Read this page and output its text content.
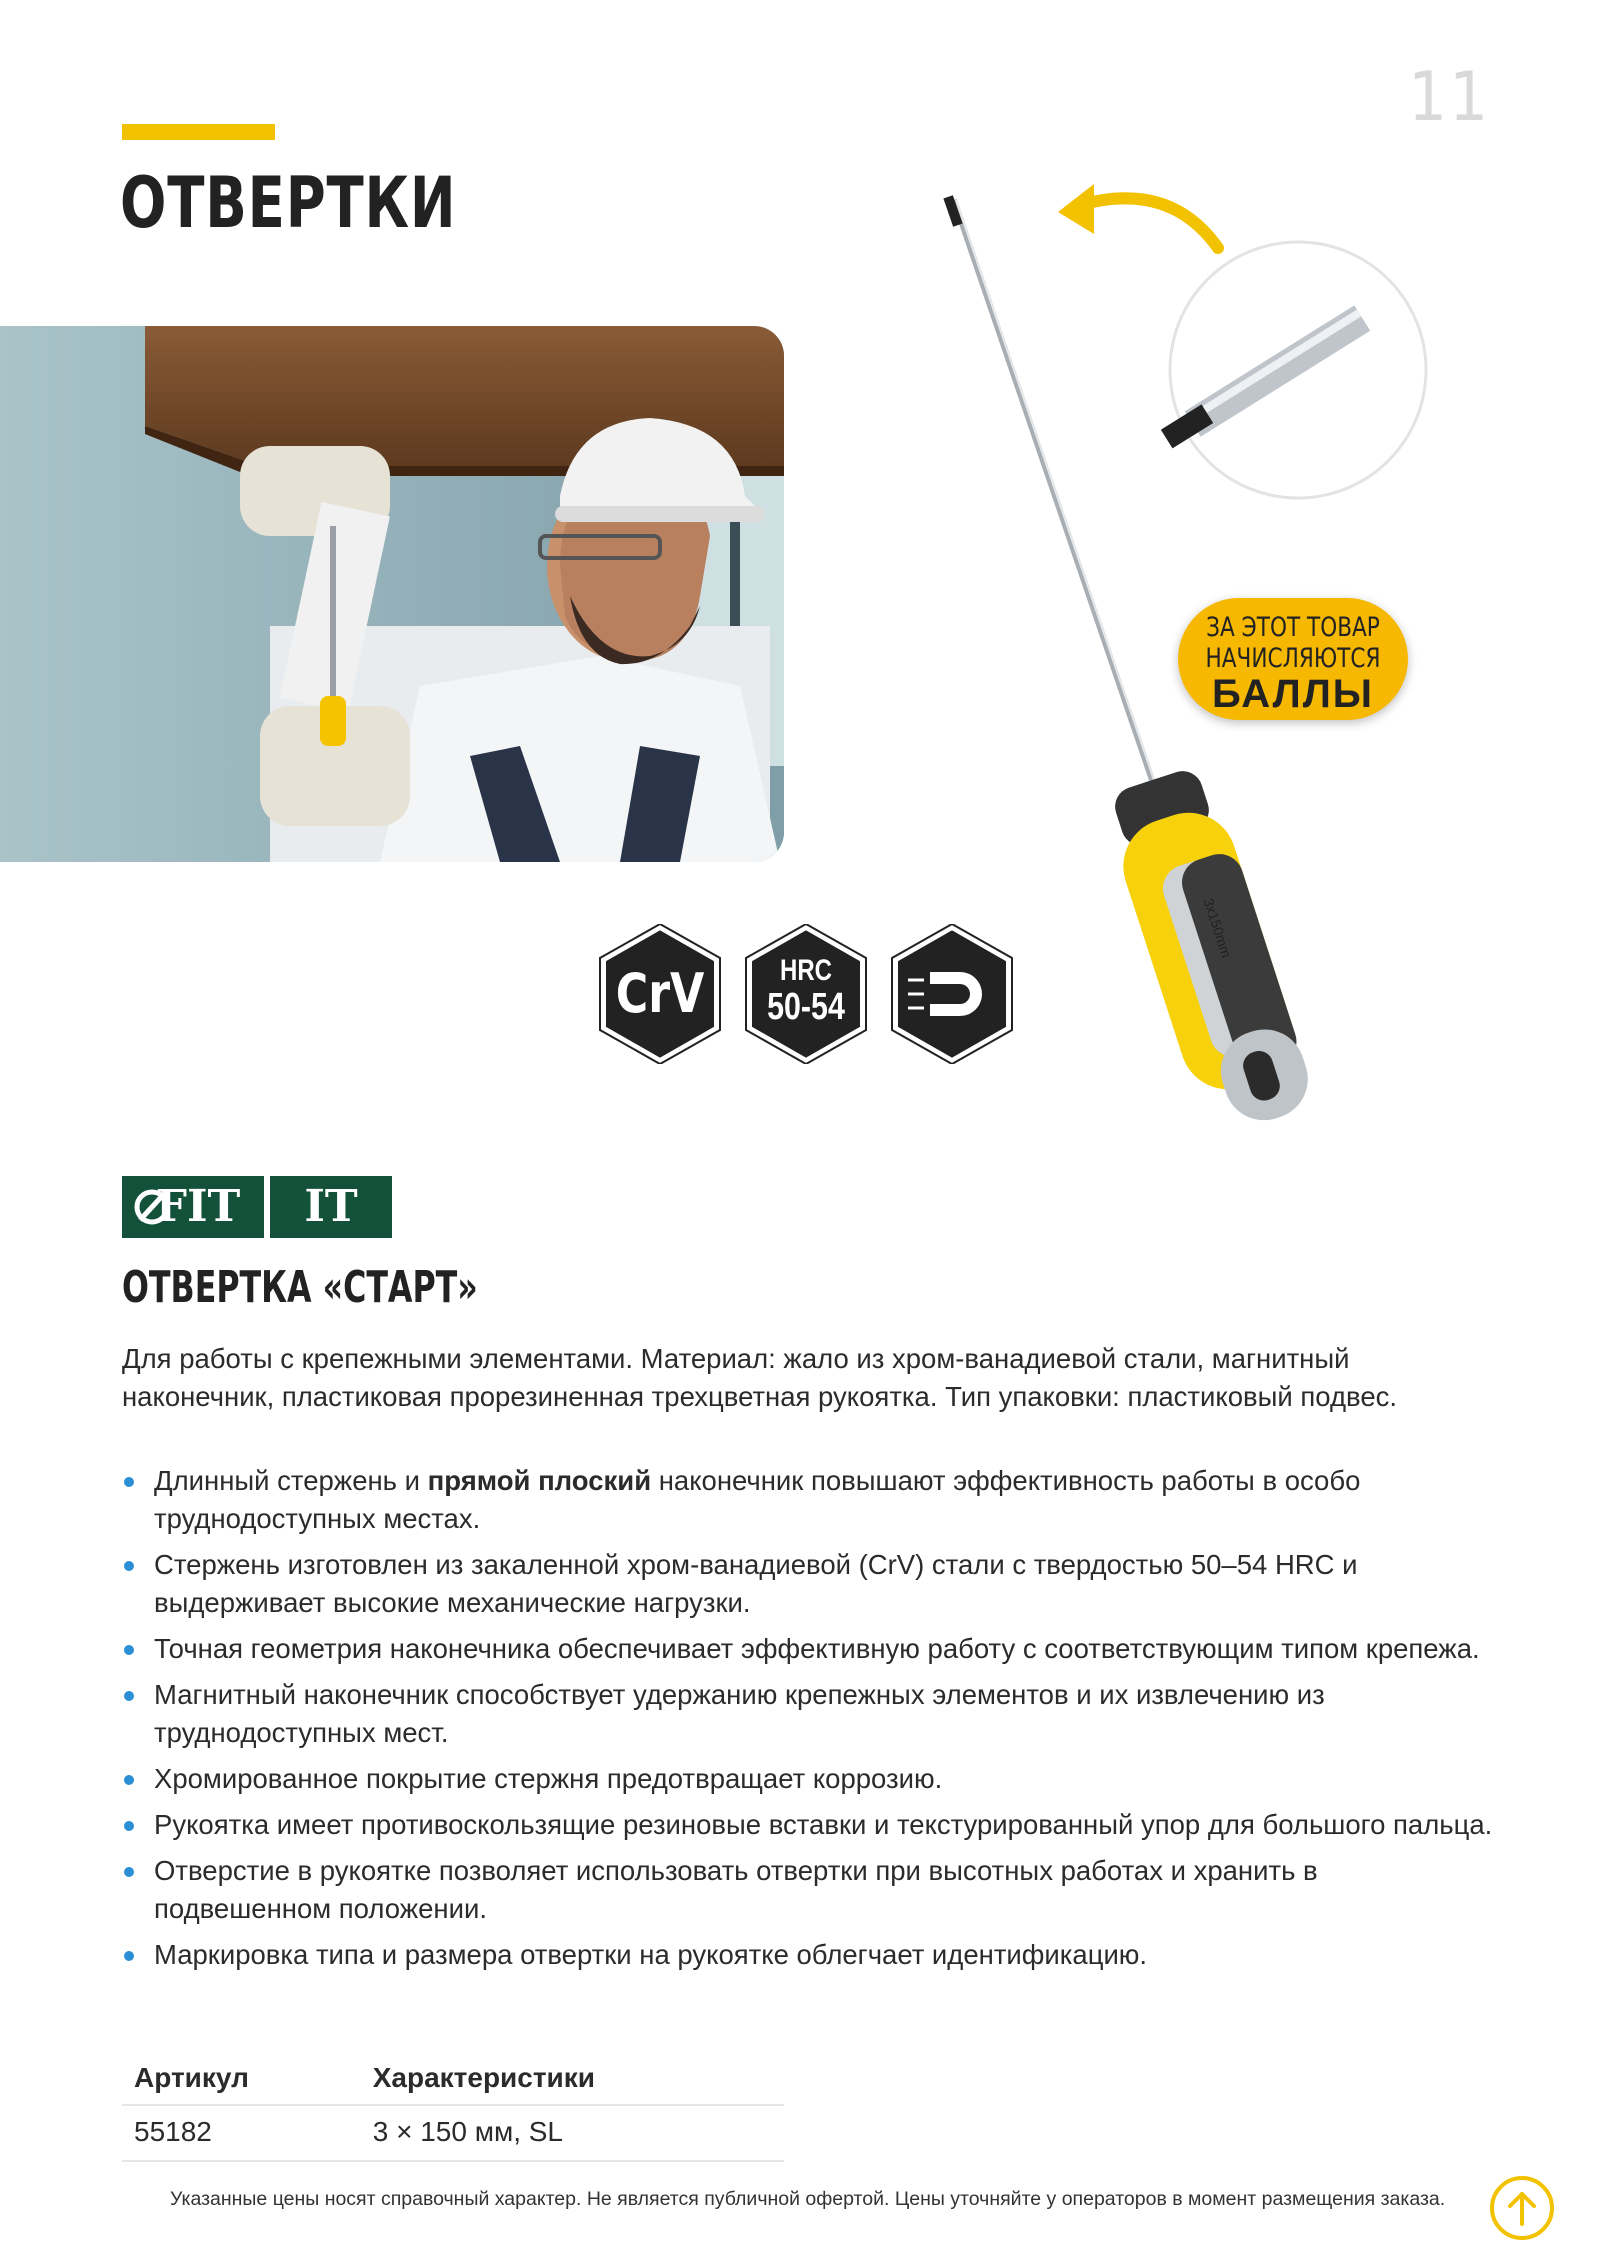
11
ОТВЕРТКИ
3x150mm
ЗА ЭТОТ ТОВАР
НАЧИСЛЯЮТСЯ
БАЛЛЫ
CrV	HRC
50-54
FIT	IT
ОТВЕРТКА «СТАРТ»
Для работы с крепежными элементами. Материал: жало из хром-ванадиевой стали, магнитный наконечник, пластиковая прорезиненная трехцветная рукоятка. Тип упаковки: пластиковый подвес.
Длинный стержень и прямой плоский наконечник повышают эффективность работы в особо труднодоступных местах.
Стержень изготовлен из закаленной хром-ванадиевой (CrV) стали с твердостью 50–54 HRC и выдерживает высокие механические нагрузки.
Точная геометрия наконечника обеспечивает эффективную работу с соответствующим типом крепежа.
Магнитный наконечник способствует удержанию крепежных элементов и их извлечению из труднодоступных мест.
Хромированное покрытие стержня предотвращает коррозию.
Рукоятка имеет противоскользящие резиновые вставки и текстурированный упор для большого пальца.
Отверстие в рукоятке позволяет использовать отвертки при высотных работах и хранить в подвешенном положении.
Маркировка типа и размера отвертки на рукоятке облегчает идентификацию.
Артикул	Характеристики
55182	3 × 150 мм, SL
Указанные цены носят справочный характер. Не является публичной офертой. Цены уточняйте у операторов в момент размещения заказа.
